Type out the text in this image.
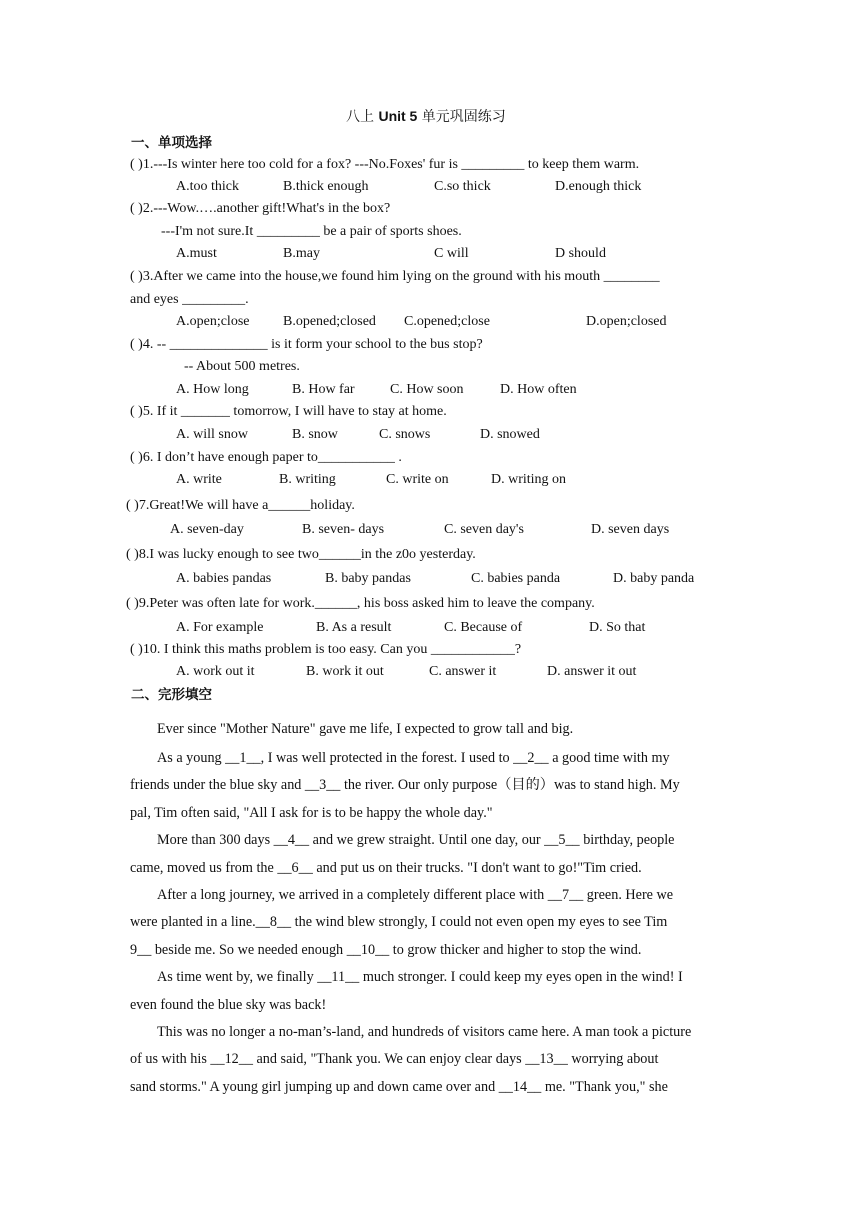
八上 Unit 5 单元巩固练习
一、单项选择
( )1.---Is winter here too cold for a fox? ---No.Foxes' fur is _________ to keep them warm.
A.too thick	B.thick enough	C.so thick	D.enough thick
( )2.---Wow.….another gift!What's in the box?
---I'm not sure.It _________ be a pair of sports shoes.
A.must	B.may	C will	D should
( )3.After we came into the house,we found him lying on the ground with his mouth ________
and eyes _________.
A.open;close B.opened;closed C.opened;close	D.open;closed
( )4. -- ______________ is it form your school to the bus stop?
-- About 500 metres.
A. How long	B. How far	C. How soon	D. How often
( )5. If it _______ tomorrow, I will have to stay at home.
A. will snow	B. snow	C. snows	D. snowed
( )6. I don’t have enough paper to___________ .
A. write	B. writing	C. write on	D. writing on
( )7.Great!We will have a______holiday.
A. seven-day	B. seven- days	C. seven day's	D. seven days
( )8.I was lucky enough to see two______in the z0o yesterday.
A. babies pandas	B. baby pandas	C. babies panda	D. baby panda
( )9.Peter was often late for work.______, his boss asked him to leave the company.
A. For example	B. As a result	C. Because of	D. So that
( )10. I think this maths problem is too easy. Can you ____________?
A. work out it	B. work it out	C. answer it	D. answer it out
二、完形填空
Ever since "Mother Nature" gave me life, I expected to grow tall and big.
As a young __1__, I was well protected in the forest. I used to __2__ a good time with my
friends under the blue sky and __3__ the river. Our only purpose（目的）was to stand high. My
pal, Tim often said, "All I ask for is to be happy the whole day."
More than 300 days __4__ and we grew straight. Until one day, our __5__ birthday, people
came, moved us from the __6__ and put us on their trucks. "I don't want to go!"Tim cried.
After a long journey, we arrived in a completely different place with __7__ green. Here we
were planted in a line.__8__ the wind blew strongly, I could not even open my eyes to see Tim
9__ beside me. So we needed enough __10__ to grow thicker and higher to stop the wind.
As time went by, we finally __11__ much stronger. I could keep my eyes open in the wind! I
even found the blue sky was back!
This was no longer a no-man’s-land, and hundreds of visitors came here. A man took a picture
of us with his __12__ and said, "Thank you. We can enjoy clear days __13__ worrying about
sand storms." A young girl jumping up and down came over and __14__ me. "Thank you," she
